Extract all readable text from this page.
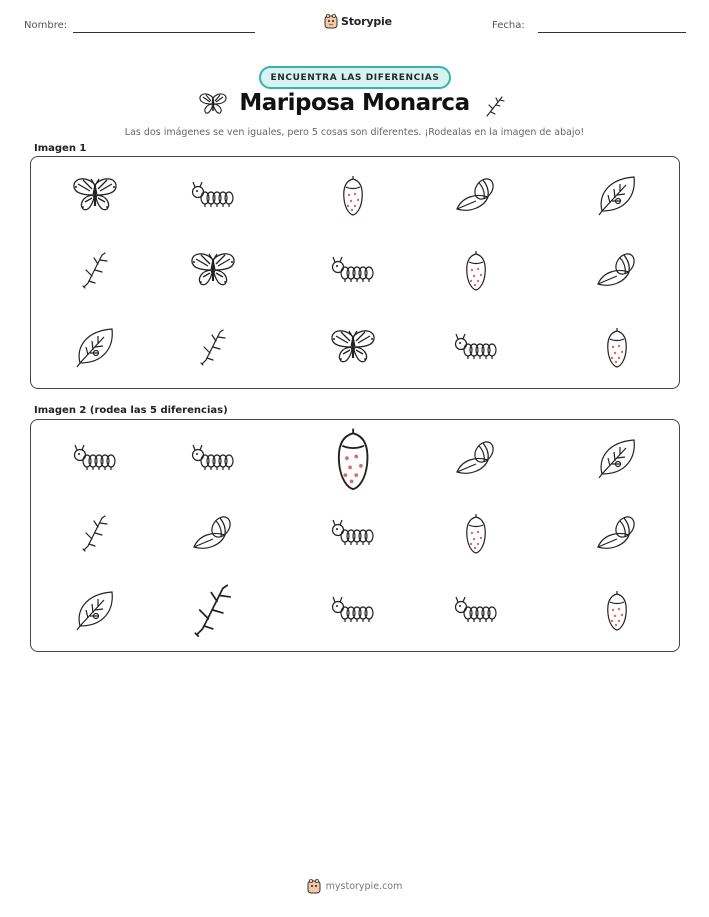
Nombre:	Storypie	Fecha:
ENCUENTRA LAS DIFERENCIAS
Mariposa Monarca
Las dos imágenes se ven iguales, pero 5 cosas son diferentes. ¡Rodealas en la imagen de abajo!
Imagen 1
Imagen 2 (rodea las 5 diferencias)
mystorypie.com
